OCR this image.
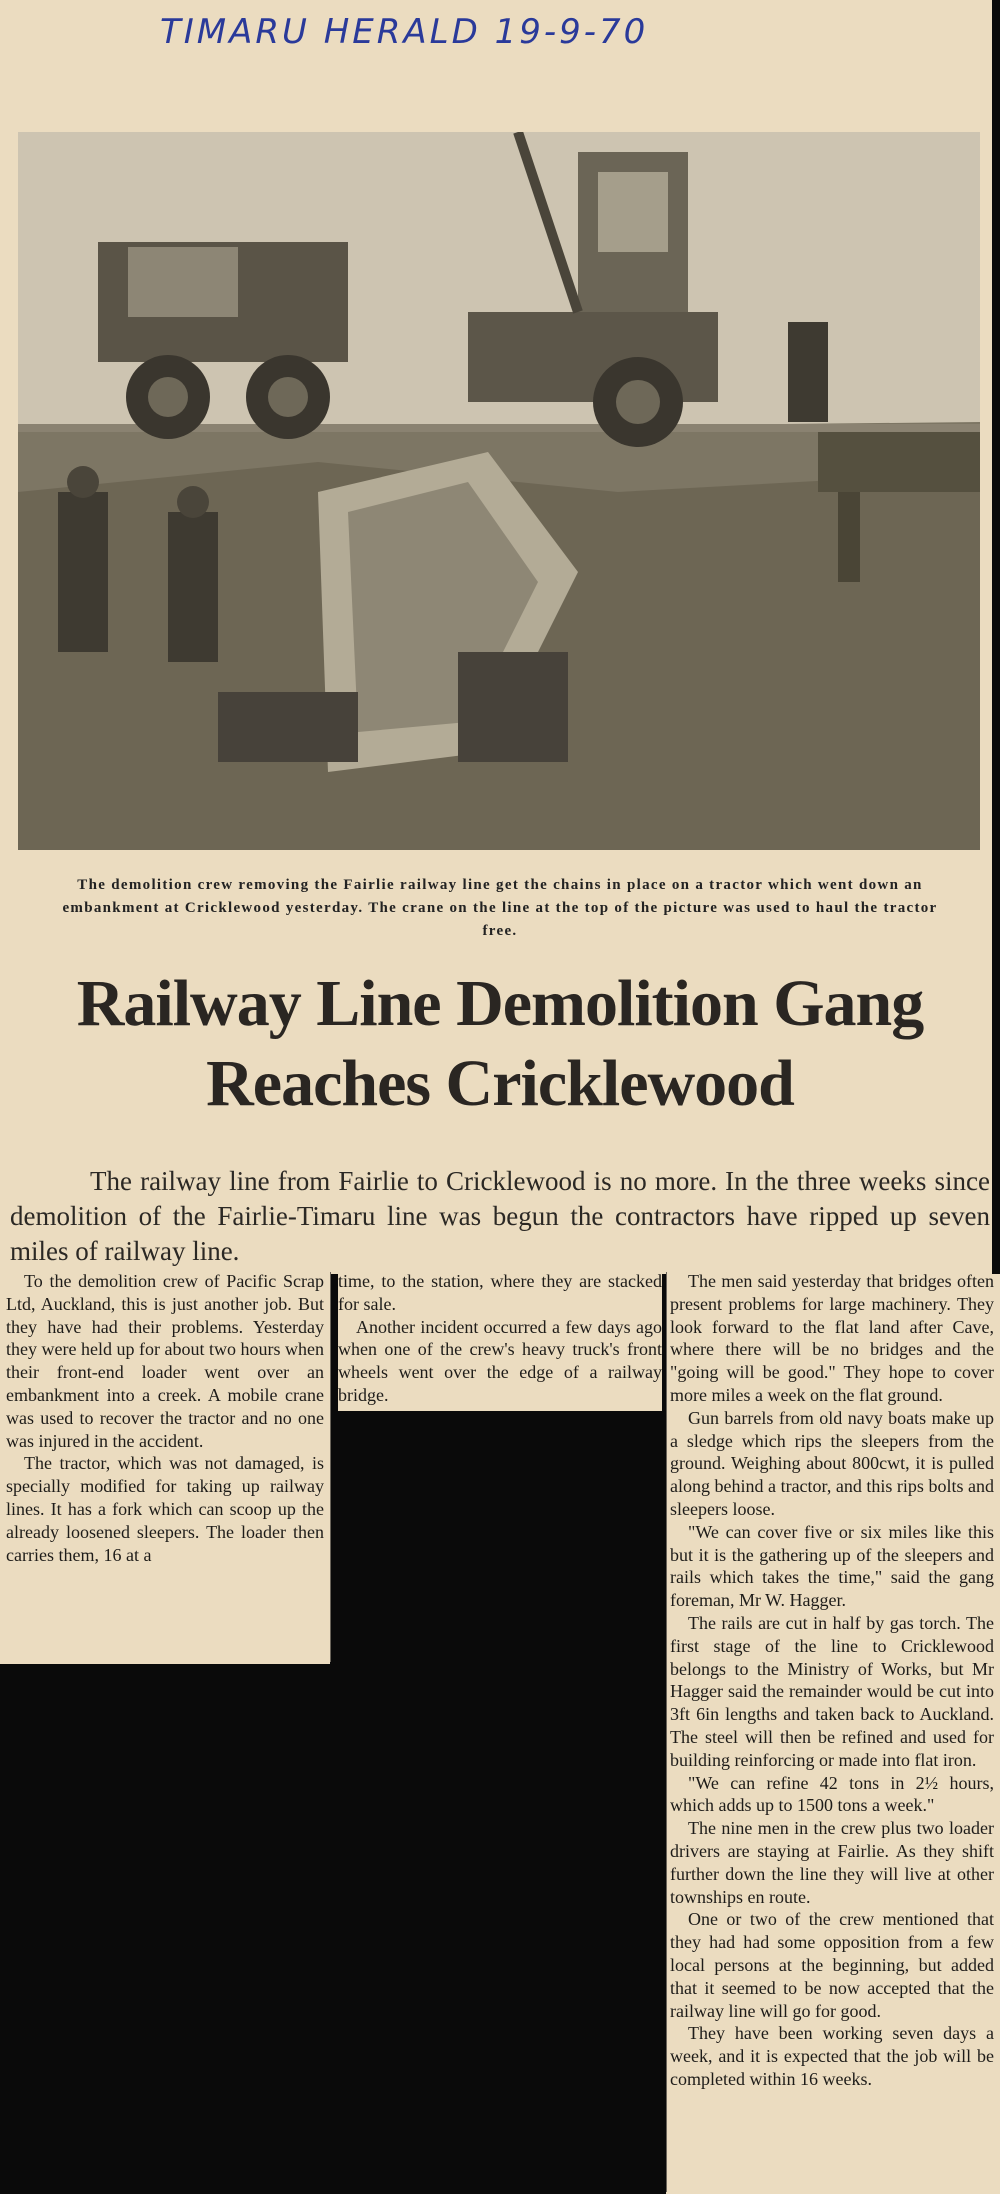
TIMARU HERALD 19-9-70

The demolition crew removing the Fairlie railway line get the chains in place on a tractor which went down an embankment at Cricklewood yesterday. The crane on the line at the top of the picture was used to haul the tractor free.

Railway Line Demolition Gang
Reaches Cricklewood

The railway line from Fairlie to Cricklewood is no more. In the three weeks since demolition of the Fairlie-Timaru line was begun the contractors have ripped up seven miles of railway line.

To the demolition crew of Pacific Scrap Ltd, Auckland, this is just another job. But they have had their problems. Yesterday they were held up for about two hours when their front-end loader went over an embankment into a creek. A mobile crane was used to recover the tractor and no one was injured in the accident.

The tractor, which was not damaged, is specially modified for taking up railway lines. It has a fork which can scoop up the already loosened sleepers. The loader then carries them, 16 at a

time, to the station, where they are stacked for sale.

Another incident occurred a few days ago when one of the crew's heavy truck's front wheels went over the edge of a railway bridge.

The men said yesterday that bridges often present problems for large machinery. They look forward to the flat land after Cave, where there will be no bridges and the "going will be good." They hope to cover more miles a week on the flat ground.

Gun barrels from old navy boats make up a sledge which rips the sleepers from the ground. Weighing about 800cwt, it is pulled along behind a tractor, and this rips bolts and sleepers loose.

"We can cover five or six miles like this but it is the gathering up of the sleepers and rails which takes the time," said the gang foreman, Mr W. Hagger.

The rails are cut in half by gas torch. The first stage of the line to Cricklewood belongs to the Ministry of Works, but Mr Hagger said the remainder would be cut into 3ft 6in lengths and taken back to Auckland. The steel will then be refined and used for building reinforcing or made into flat iron.

"We can refine 42 tons in 2½ hours, which adds up to 1500 tons a week."

The nine men in the crew plus two loader drivers are staying at Fairlie. As they shift further down the line they will live at other townships en route.

One or two of the crew mentioned that they had had some opposition from a few local persons at the beginning, but added that it seemed to be now accepted that the railway line will go for good.

They have been working seven days a week, and it is expected that the job will be completed within 16 weeks.
